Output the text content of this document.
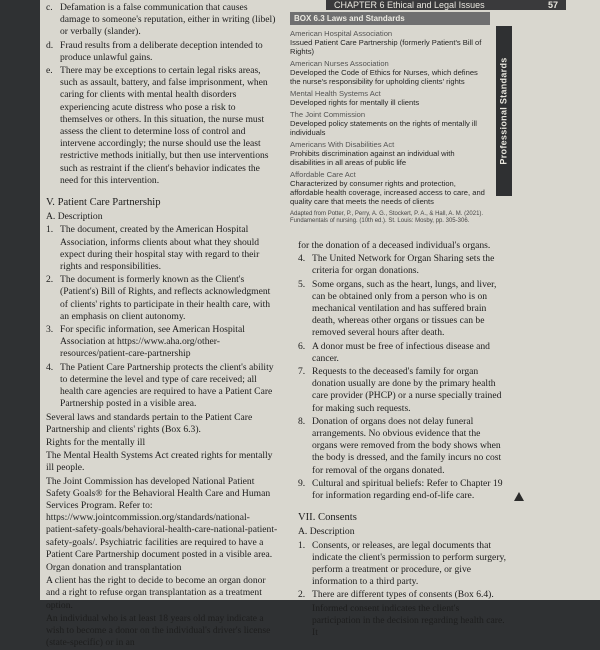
CHAPTER 6 Ethical and Legal Issues	57
Professional Standards
c. Defamation is a false communication that causes damage to someone's reputation, either in writing (libel) or verbally (slander).
d. Fraud results from a deliberate deception intended to produce unlawful gains.
e. There may be exceptions to certain legal risks areas, such as assault, battery, and false imprisonment, when caring for clients with mental health disorders experiencing acute distress who pose a risk to themselves or others. In this situation, the nurse must assess the client to determine loss of control and intervene accordingly; the nurse should use the least restrictive methods initially, but then use interventions such as restraint if the client's behavior indicates the need for this intervention.
V. Patient Care Partnership
A. Description
1. The document, created by the American Hospital Association, informs clients about what they should expect during their hospital stay with regard to their rights and responsibilities.
2. The document is formerly known as the Client's (Patient's) Bill of Rights, and reflects acknowledgment of clients' rights to participate in their health care, with an emphasis on client autonomy.
3. For specific information, see American Hospital Association at https://www.aha.org/other-resources/patient-care-partnership
4. The Patient Care Partnership protects the client's ability to determine the level and type of care received; all health care agencies are required to have a Patient Care Partnership posted in a visible area.

Several laws and standards pertain to the Patient Care Partnership and clients' rights (Box 6.3).

Rights for the mentally ill

The Mental Health Systems Act created rights for mentally ill people.

The Joint Commission has developed National Patient Safety Goals® for the Behavioral Health Care and Human Services Program. Refer to: https://www.jointcommission.org/standards/national-patient-safety-goals/behavioral-health-care-national-patient-safety-goals/. Psychiatric facilities are required to have a Patient Care Partnership document posted in a visible area.

Organ donation and transplantation

A client has the right to decide to become an organ donor and a right to refuse organ transplantation as a treatment option.

An individual who is at least 18 years old may indicate a wish to become a donor on the individual's driver's license (state-specific) or in an

BOX 6.3 Laws and Standards
American Hospital Association
Issued Patient Care Partnership (formerly Patient's Bill of Rights)
American Nurses Association
Developed the Code of Ethics for Nurses, which defines the nurse's responsibility for upholding clients' rights
Mental Health Systems Act
Developed rights for mentally ill clients
The Joint Commission
Developed policy statements on the rights of mentally ill individuals
Americans With Disabilities Act
Prohibits discrimination against an individual with disabilities in all areas of public life
Affordable Care Act
Characterized by consumer rights and protection, affordable health coverage, increased access to care, and quality care that meets the needs of clients
Adapted from Potter, P., Perry, A. G., Stockert, P. A., & Hall, A. M. (2021). Fundamentals of nursing. (10th ed.). St. Louis: Mosby, pp. 305-306.

for the donation of a deceased individual's organs.

4. The United Network for Organ Sharing sets the criteria for organ donations.
5. Some organs, such as the heart, lungs, and liver, can be obtained only from a person who is on mechanical ventilation and has suffered brain death, whereas other organs or tissues can be removed several hours after death.
6. A donor must be free of infectious disease and cancer.
7. Requests to the deceased's family for organ donation usually are done by the primary health care provider (PHCP) or a nurse specially trained for making such requests.
8. Donation of organs does not delay funeral arrangements. No obvious evidence that the organs were removed from the body shows when the body is dressed, and the family incurs no cost for removal of the organs donated.
9. Cultural and spiritual beliefs: Refer to Chapter 19 for information regarding end-of-life care.
VII. Consents
A. Description
1. Consents, or releases, are legal documents that indicate the client's permission to perform surgery, perform a treatment or procedure, or give information to a third party.
2. There are different types of consents (Box 6.4).
Informed consent indicates the client's participation in the decision regarding health care. It
